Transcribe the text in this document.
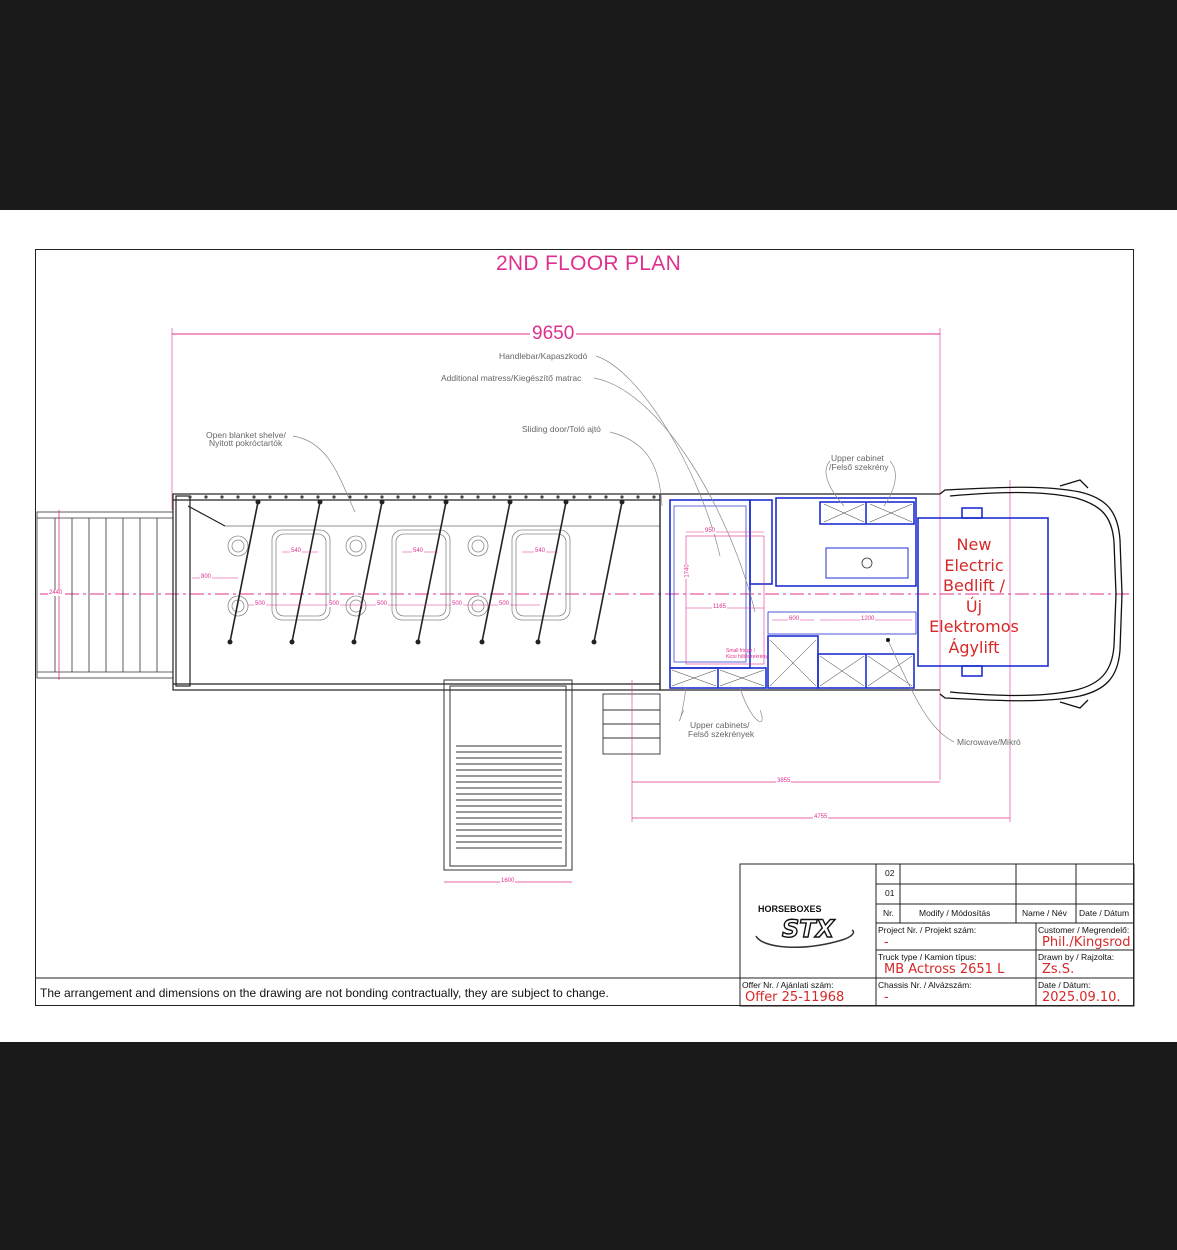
2ND FLOOR PLAN
9650
Handlebar/Kapaszkodó
Additional matress/Kiegészítő matrac
Sliding door/Toló ajtó
Open blanket shelve/
Nyitott pokróctartók
Upper cabinet
/Felső szekrény
Upper cabinets/
Felső szekrények
Microwave/Mikró
Small fridge /
Kicsi hűtőszekrény
800
540	540	540
500	500	500	500	500
950
1740
1165
600	1200
3855
4755
1600
2440
New
Electric
Bedlift /
Új
Elektromos
Ágylift
The arrangement and dimensions on the drawing are not bonding contractually, they are subject to change.
HORSEBOXES
STX
02
01
Nr.	Modify / Módosítás	Name / Név Date / Dátum
Project Nr. / Projekt szám:
-
Customer / Megrendelő:
Phil./Kingsrod
Truck type / Kamion típus:
MB Actross 2651 L
Drawn by / Rajzolta:
Zs.S.
Offer Nr. / Ajánlati szám:
Offer 25-11968
Chassis Nr. / Alvázszám:
-
Date / Dátum:
2025.09.10.
